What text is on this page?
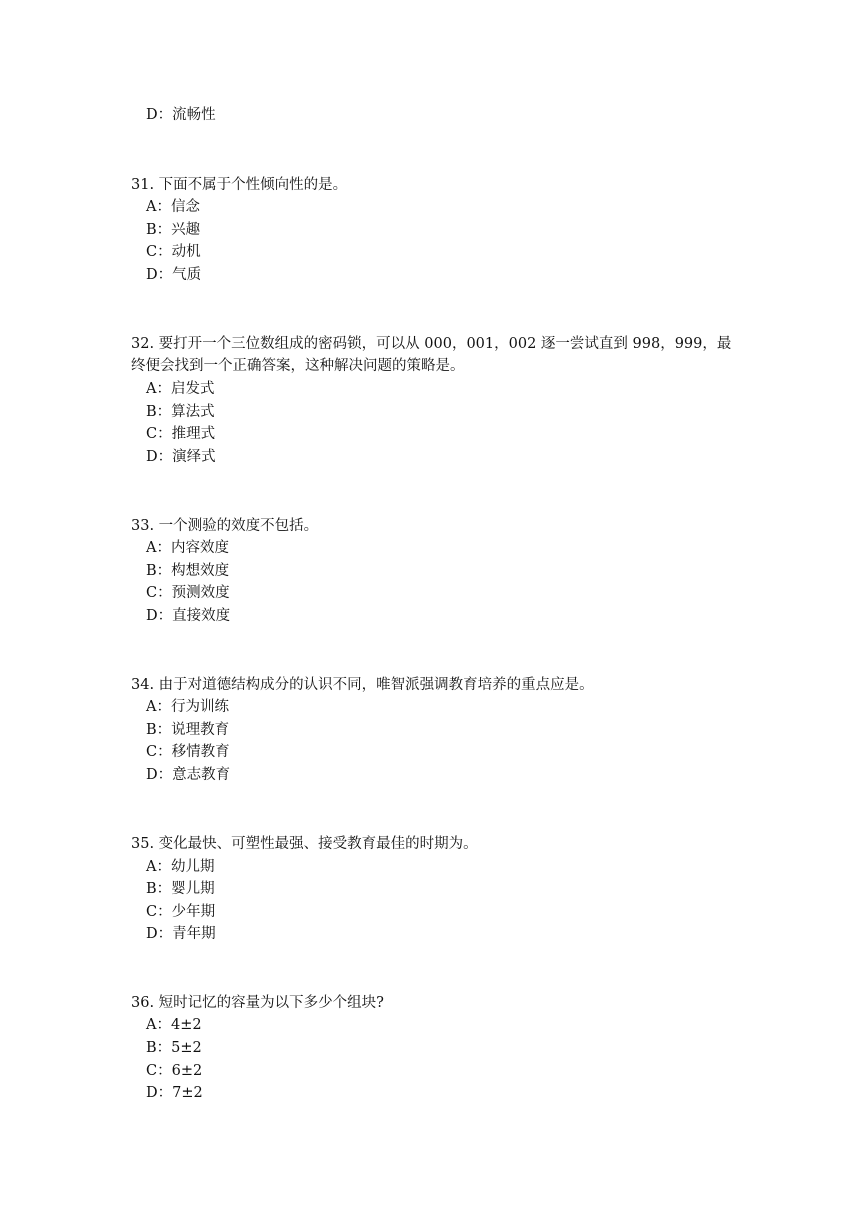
D：流畅性
31. 下面不属于个性倾向性的是。
A：信念
B：兴趣
C：动机
D：气质
32. 要打开一个三位数组成的密码锁，可以从 000，001，002 逐一尝试直到 998，999，最
终便会找到一个正确答案，这种解决问题的策略是。
A：启发式
B：算法式
C：推理式
D：演绎式
33. 一个测验的效度不包括。
A：内容效度
B：构想效度
C：预测效度
D：直接效度
34. 由于对道德结构成分的认识不同，唯智派强调教育培养的重点应是。
A：行为训练
B：说理教育
C：移情教育
D：意志教育
35. 变化最快、可塑性最强、接受教育最佳的时期为。
A：幼儿期
B：婴儿期
C：少年期
D：青年期
36. 短时记忆的容量为以下多少个组块?
A：4±2
B：5±2
C：6±2
D：7±2
